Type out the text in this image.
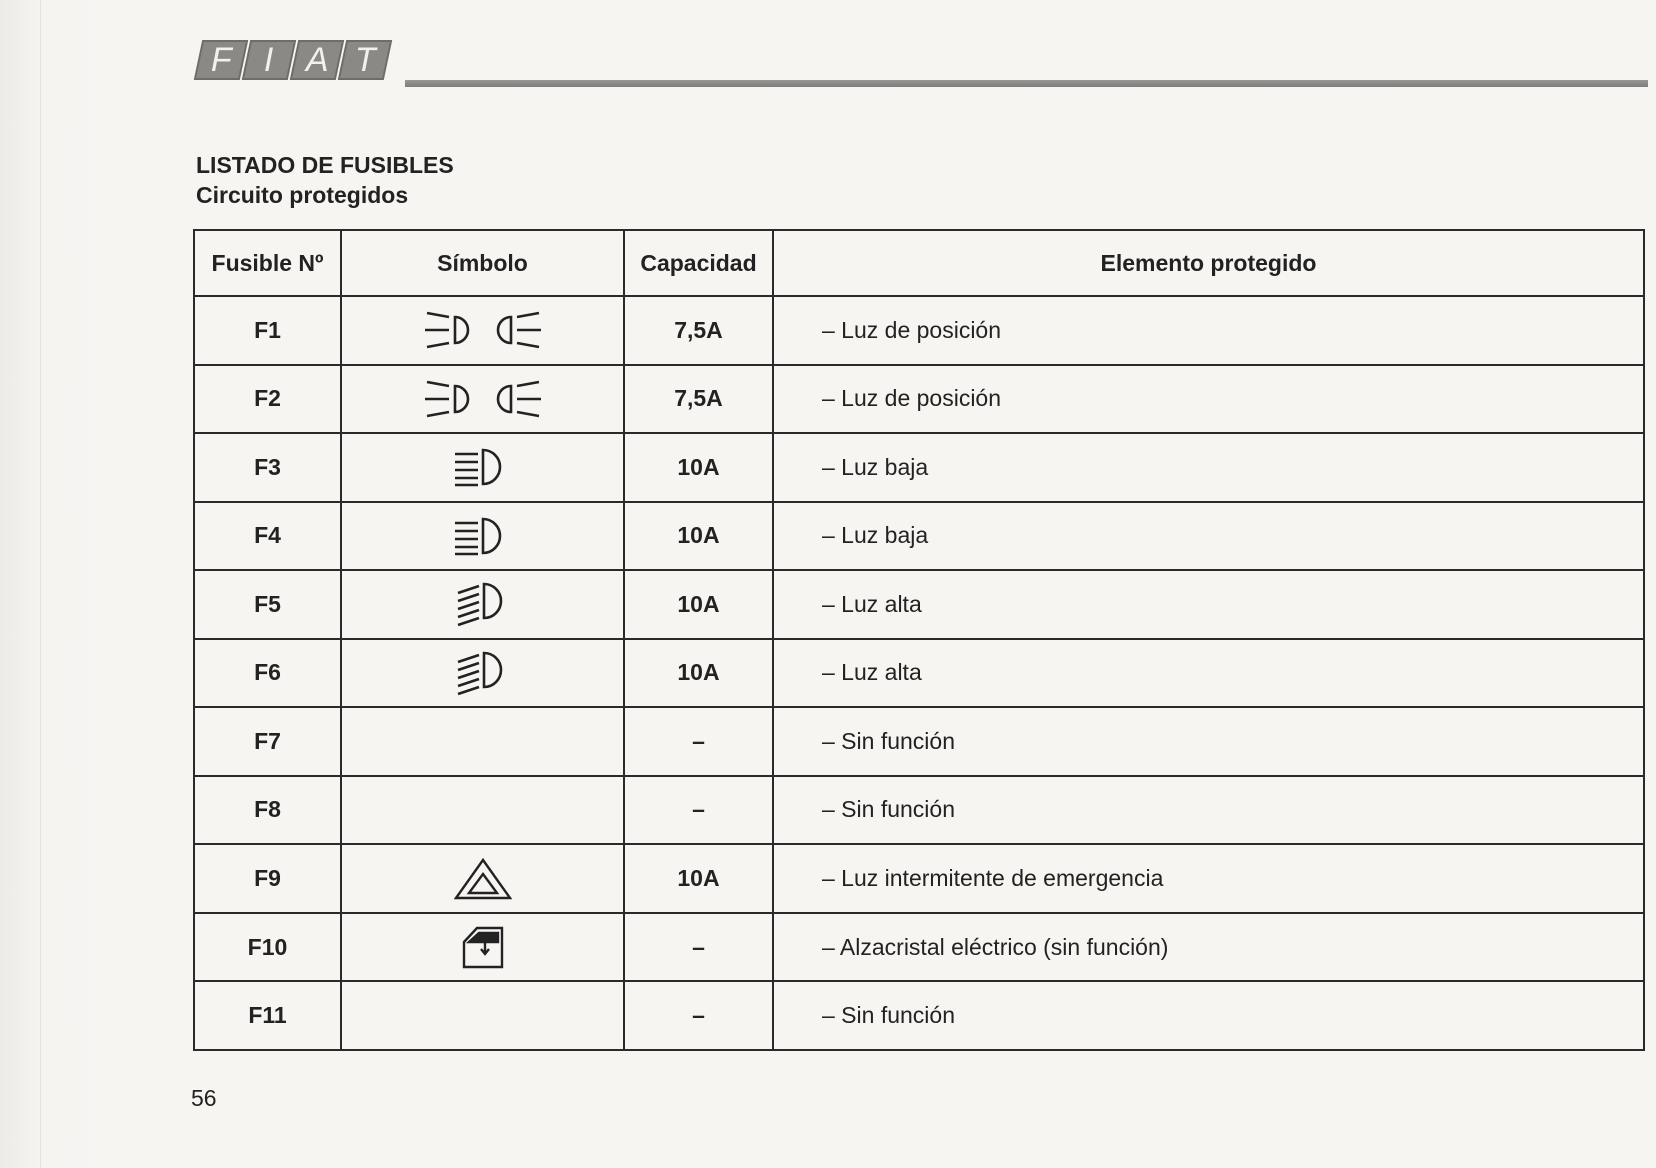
F I A T
LISTADO DE FUSIBLES
Circuito protegidos
Fusible Nº	Símbolo	Capacidad	Elemento protegido
F1		7,5A	– Luz de posición
F2		7,5A	– Luz de posición
F3		10A	– Luz baja
F4		10A	– Luz baja
F5		10A	– Luz alta
F6		10A	– Luz alta
F7		–	– Sin función
F8		–	– Sin función
F9		10A	– Luz intermitente de emergencia
F10		–	– Alzacristal eléctrico (sin función)
F11		–	– Sin función
56
